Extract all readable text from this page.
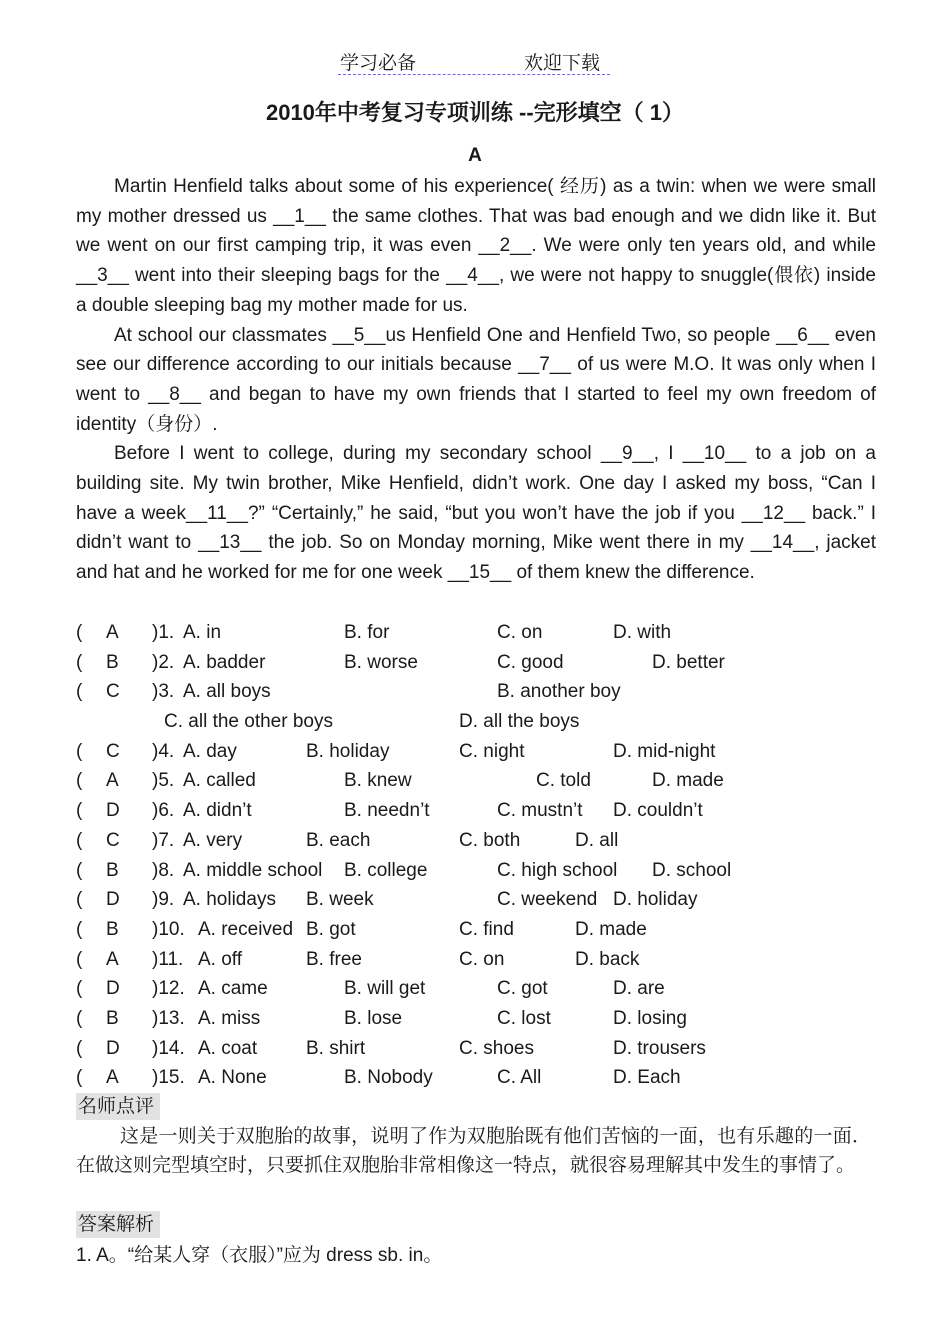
学习必备	欢迎下载
2010年中考复习专项训练 --完形填空（ 1）
A

Martin Henfield talks about some of his experience( 经历) as a twin: when we were small my mother dressed us __1__ the same clothes. That was bad enough and we didn like it. But we went on our first camping trip, it was even __2__. We were only ten years old, and while __3__ went into their sleeping bags for the __4__, we were not happy to snuggle(偎依) inside a double sleeping bag my mother made for us.

At school our classmates __5__us Henfield One and Henfield Two, so people __6__ even see our difference according to our initials because __7__ of us were M.O. It was only when I went to __8__ and began to have my own friends that I started to feel my own freedom of identity（身份）.

Before I went to college, during my secondary school __9__, I __10__ to a job on a building site. My twin brother, Mike Henfield, didn’t work. One day I asked my boss, “Can I have a week__11__?” “Certainly,” he said, “but you won’t have the job if you __12__ back.” I didn’t want to __13__ the job. So on Monday morning, Mike went there in my __14__, jacket and hat and he worked for me for one week __15__ of them knew the difference.

( A )1. A. in	B. for	C. on	D. with
( B )2. A. badder	B. worse	C. good	D. better
( C )3. A. all boys	B. another boy
C. all the other boys	D. all the boys
( C )4. A. day	B. holiday	C. night	D. mid-night
( A )5. A. called	B. knew	C. told	D. made
( D )6. A. didn’t	B. needn’t	C. mustn’t D. couldn’t
( C )7. A. very	B. each	C. both	D. all
( B )8. A. middle school B. college	C. high school D. school
( D )9. A. holidays B. week	C. weekend D. holiday
( B )10. A. received B. got	C. find	D. made
( A )11. A. off	B. free	C. on	D. back
( D )12. A. came	B. will get	C. got	D. are
( B )13. A. miss	B. lose	C. lost	D. losing
( D )14. A. coat	B. shirt	C. shoes	D. trousers
( A )15. A. None	B. Nobody	C. All	D. Each
名师点评

这是一则关于双胞胎的故事，说明了作为双胞胎既有他们苦恼的一面，也有乐趣的一面．在做这则完型填空时，只要抓住双胞胎非常相像这一特点，就很容易理解其中发生的事情了。

答案解析
1. A。“给某人穿（衣服）”应为 dress sb. in。
